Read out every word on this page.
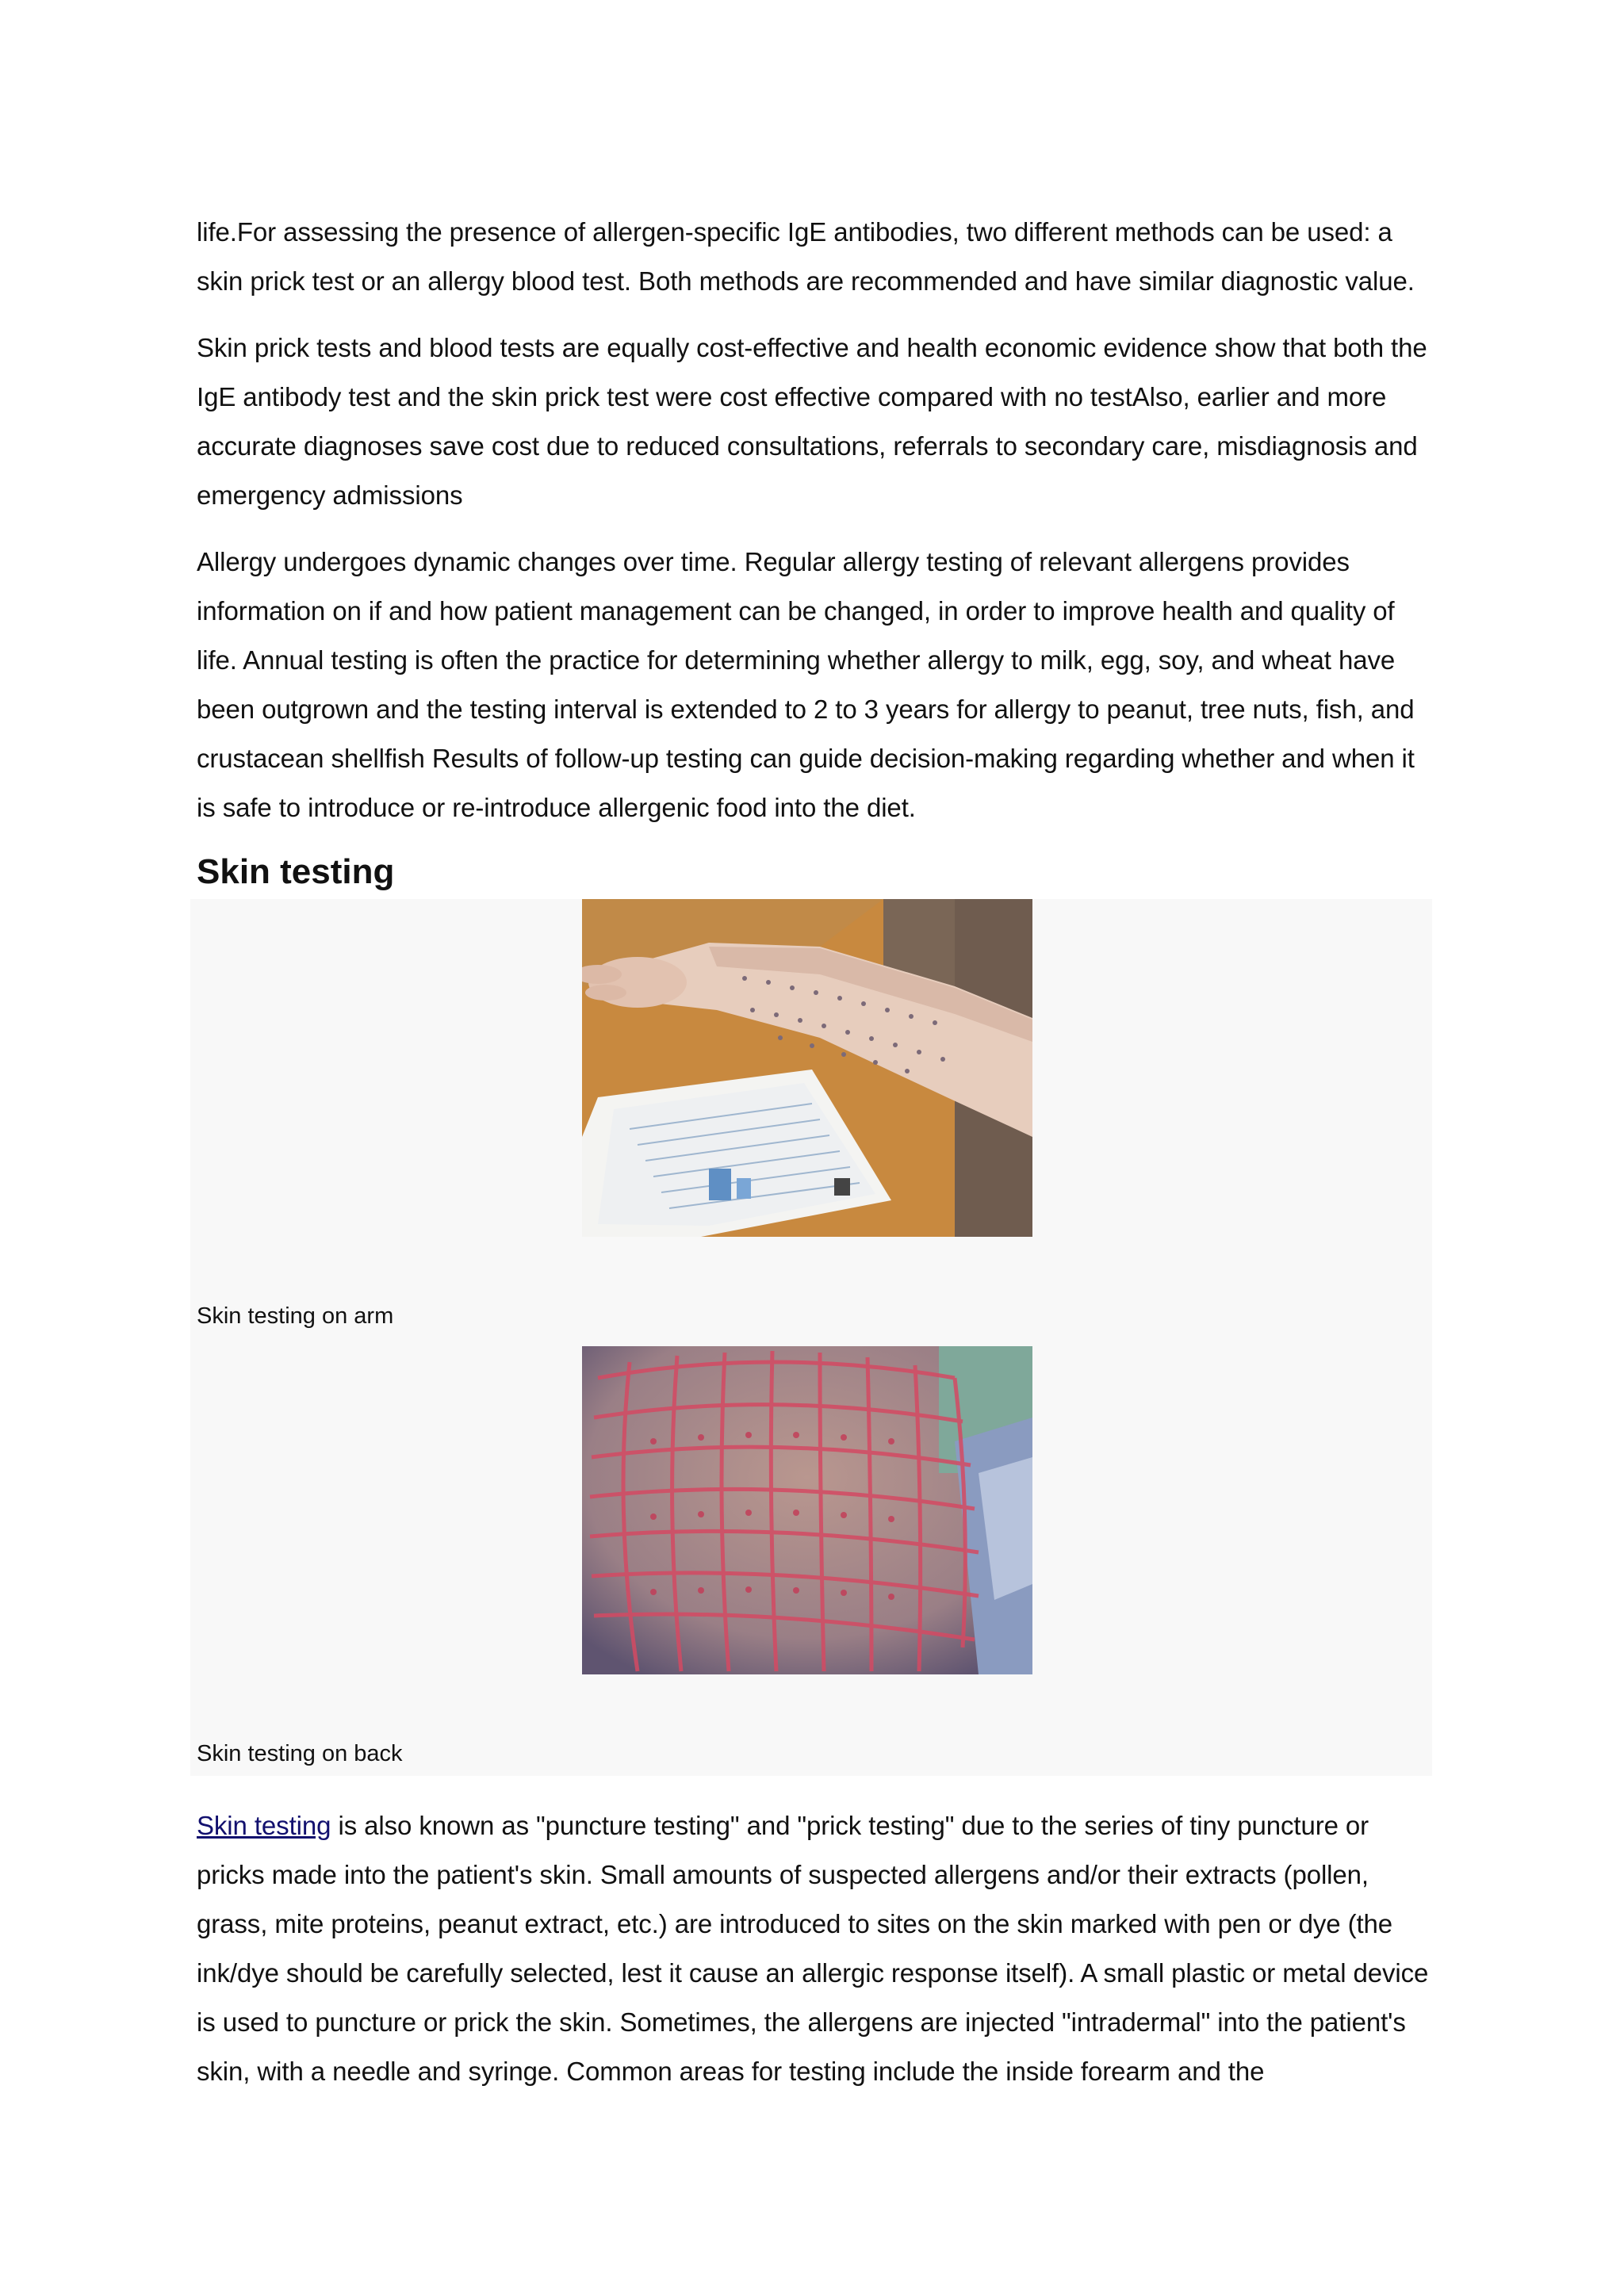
life.For assessing the presence of allergen-specific IgE antibodies, two different methods can be used: a skin prick test or an allergy blood test. Both methods are recommended and have similar diagnostic value.

Skin prick tests and blood tests are equally cost-effective and health economic evidence show that both the IgE antibody test and the skin prick test were cost effective compared with no testAlso, earlier and more accurate diagnoses save cost due to reduced consultations, referrals to secondary care, misdiagnosis and emergency admissions

Allergy undergoes dynamic changes over time. Regular allergy testing of relevant allergens provides information on if and how patient management can be changed, in order to improve health and quality of life. Annual testing is often the practice for determining whether allergy to milk, egg, soy, and wheat have been outgrown and the testing interval is extended to 2 to 3 years for allergy to peanut, tree nuts, fish, and crustacean shellfish Results of follow-up testing can guide decision-making regarding whether and when it is safe to introduce or re-introduce allergenic food into the diet.

Skin testing
Skin testing on arm
Skin testing on back

Skin testing is also known as "puncture testing" and "prick testing" due to the series of tiny puncture or pricks made into the patient's skin. Small amounts of suspected allergens and/or their extracts (pollen, grass, mite proteins, peanut extract, etc.) are introduced to sites on the skin marked with pen or dye (the ink/dye should be carefully selected, lest it cause an allergic response itself). A small plastic or metal device is used to puncture or prick the skin. Sometimes, the allergens are injected "intradermal" into the patient's skin, with a needle and syringe. Common areas for testing include the inside forearm and the
